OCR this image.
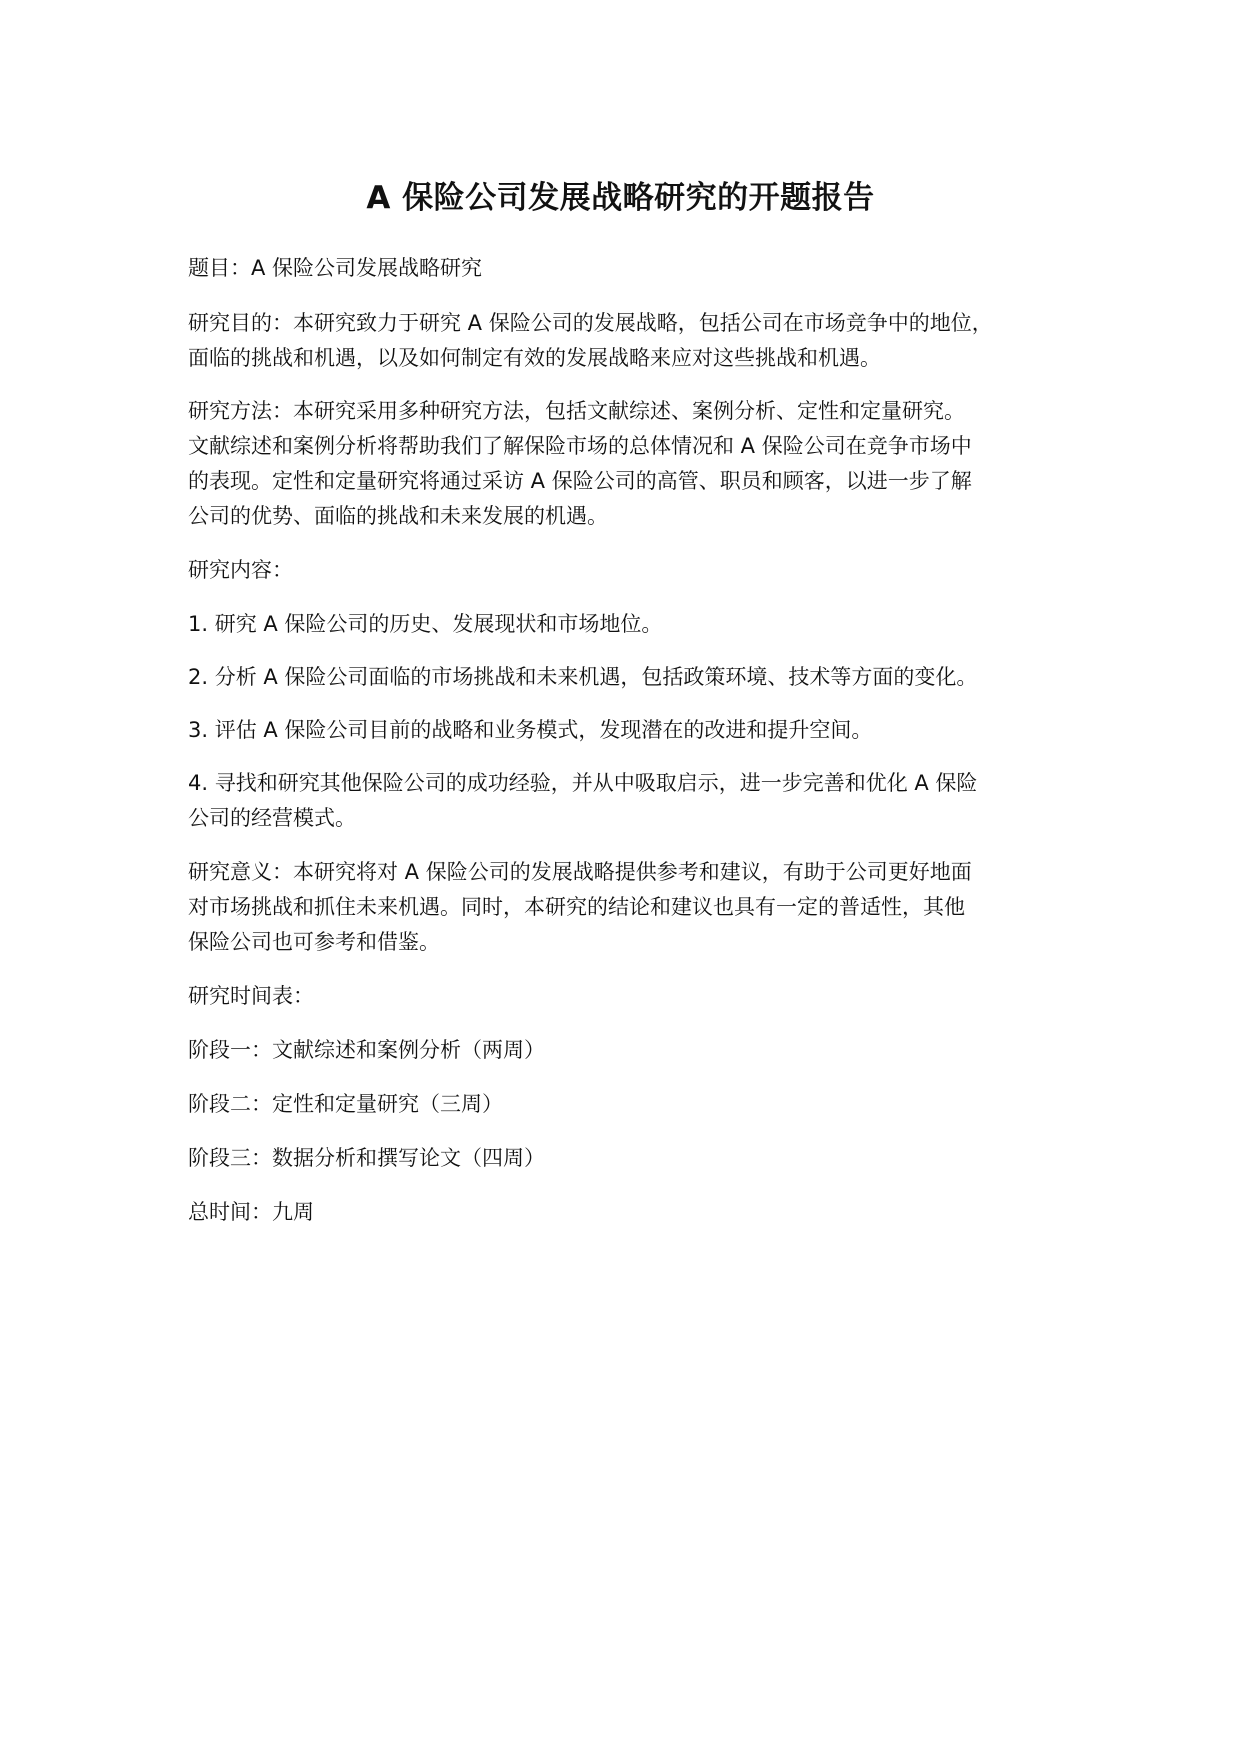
A 保险公司发展战略研究的开题报告

题目：A 保险公司发展战略研究

研究目的：本研究致力于研究 A 保险公司的发展战略，包括公司在市场竞争中的地位，
面临的挑战和机遇，以及如何制定有效的发展战略来应对这些挑战和机遇。

研究方法：本研究采用多种研究方法，包括文献综述、案例分析、定性和定量研究。
文献综述和案例分析将帮助我们了解保险市场的总体情况和 A 保险公司在竞争市场中
的表现。定性和定量研究将通过采访 A 保险公司的高管、职员和顾客，以进一步了解
公司的优势、面临的挑战和未来发展的机遇。

研究内容：

1. 研究 A 保险公司的历史、发展现状和市场地位。

2. 分析 A 保险公司面临的市场挑战和未来机遇，包括政策环境、技术等方面的变化。

3. 评估 A 保险公司目前的战略和业务模式，发现潜在的改进和提升空间。

4. 寻找和研究其他保险公司的成功经验，并从中吸取启示，进一步完善和优化 A 保险
公司的经营模式。

研究意义：本研究将对 A 保险公司的发展战略提供参考和建议，有助于公司更好地面
对市场挑战和抓住未来机遇。同时，本研究的结论和建议也具有一定的普适性，其他
保险公司也可参考和借鉴。

研究时间表：

阶段一：文献综述和案例分析（两周）

阶段二：定性和定量研究（三周）

阶段三：数据分析和撰写论文（四周）

总时间：九周
